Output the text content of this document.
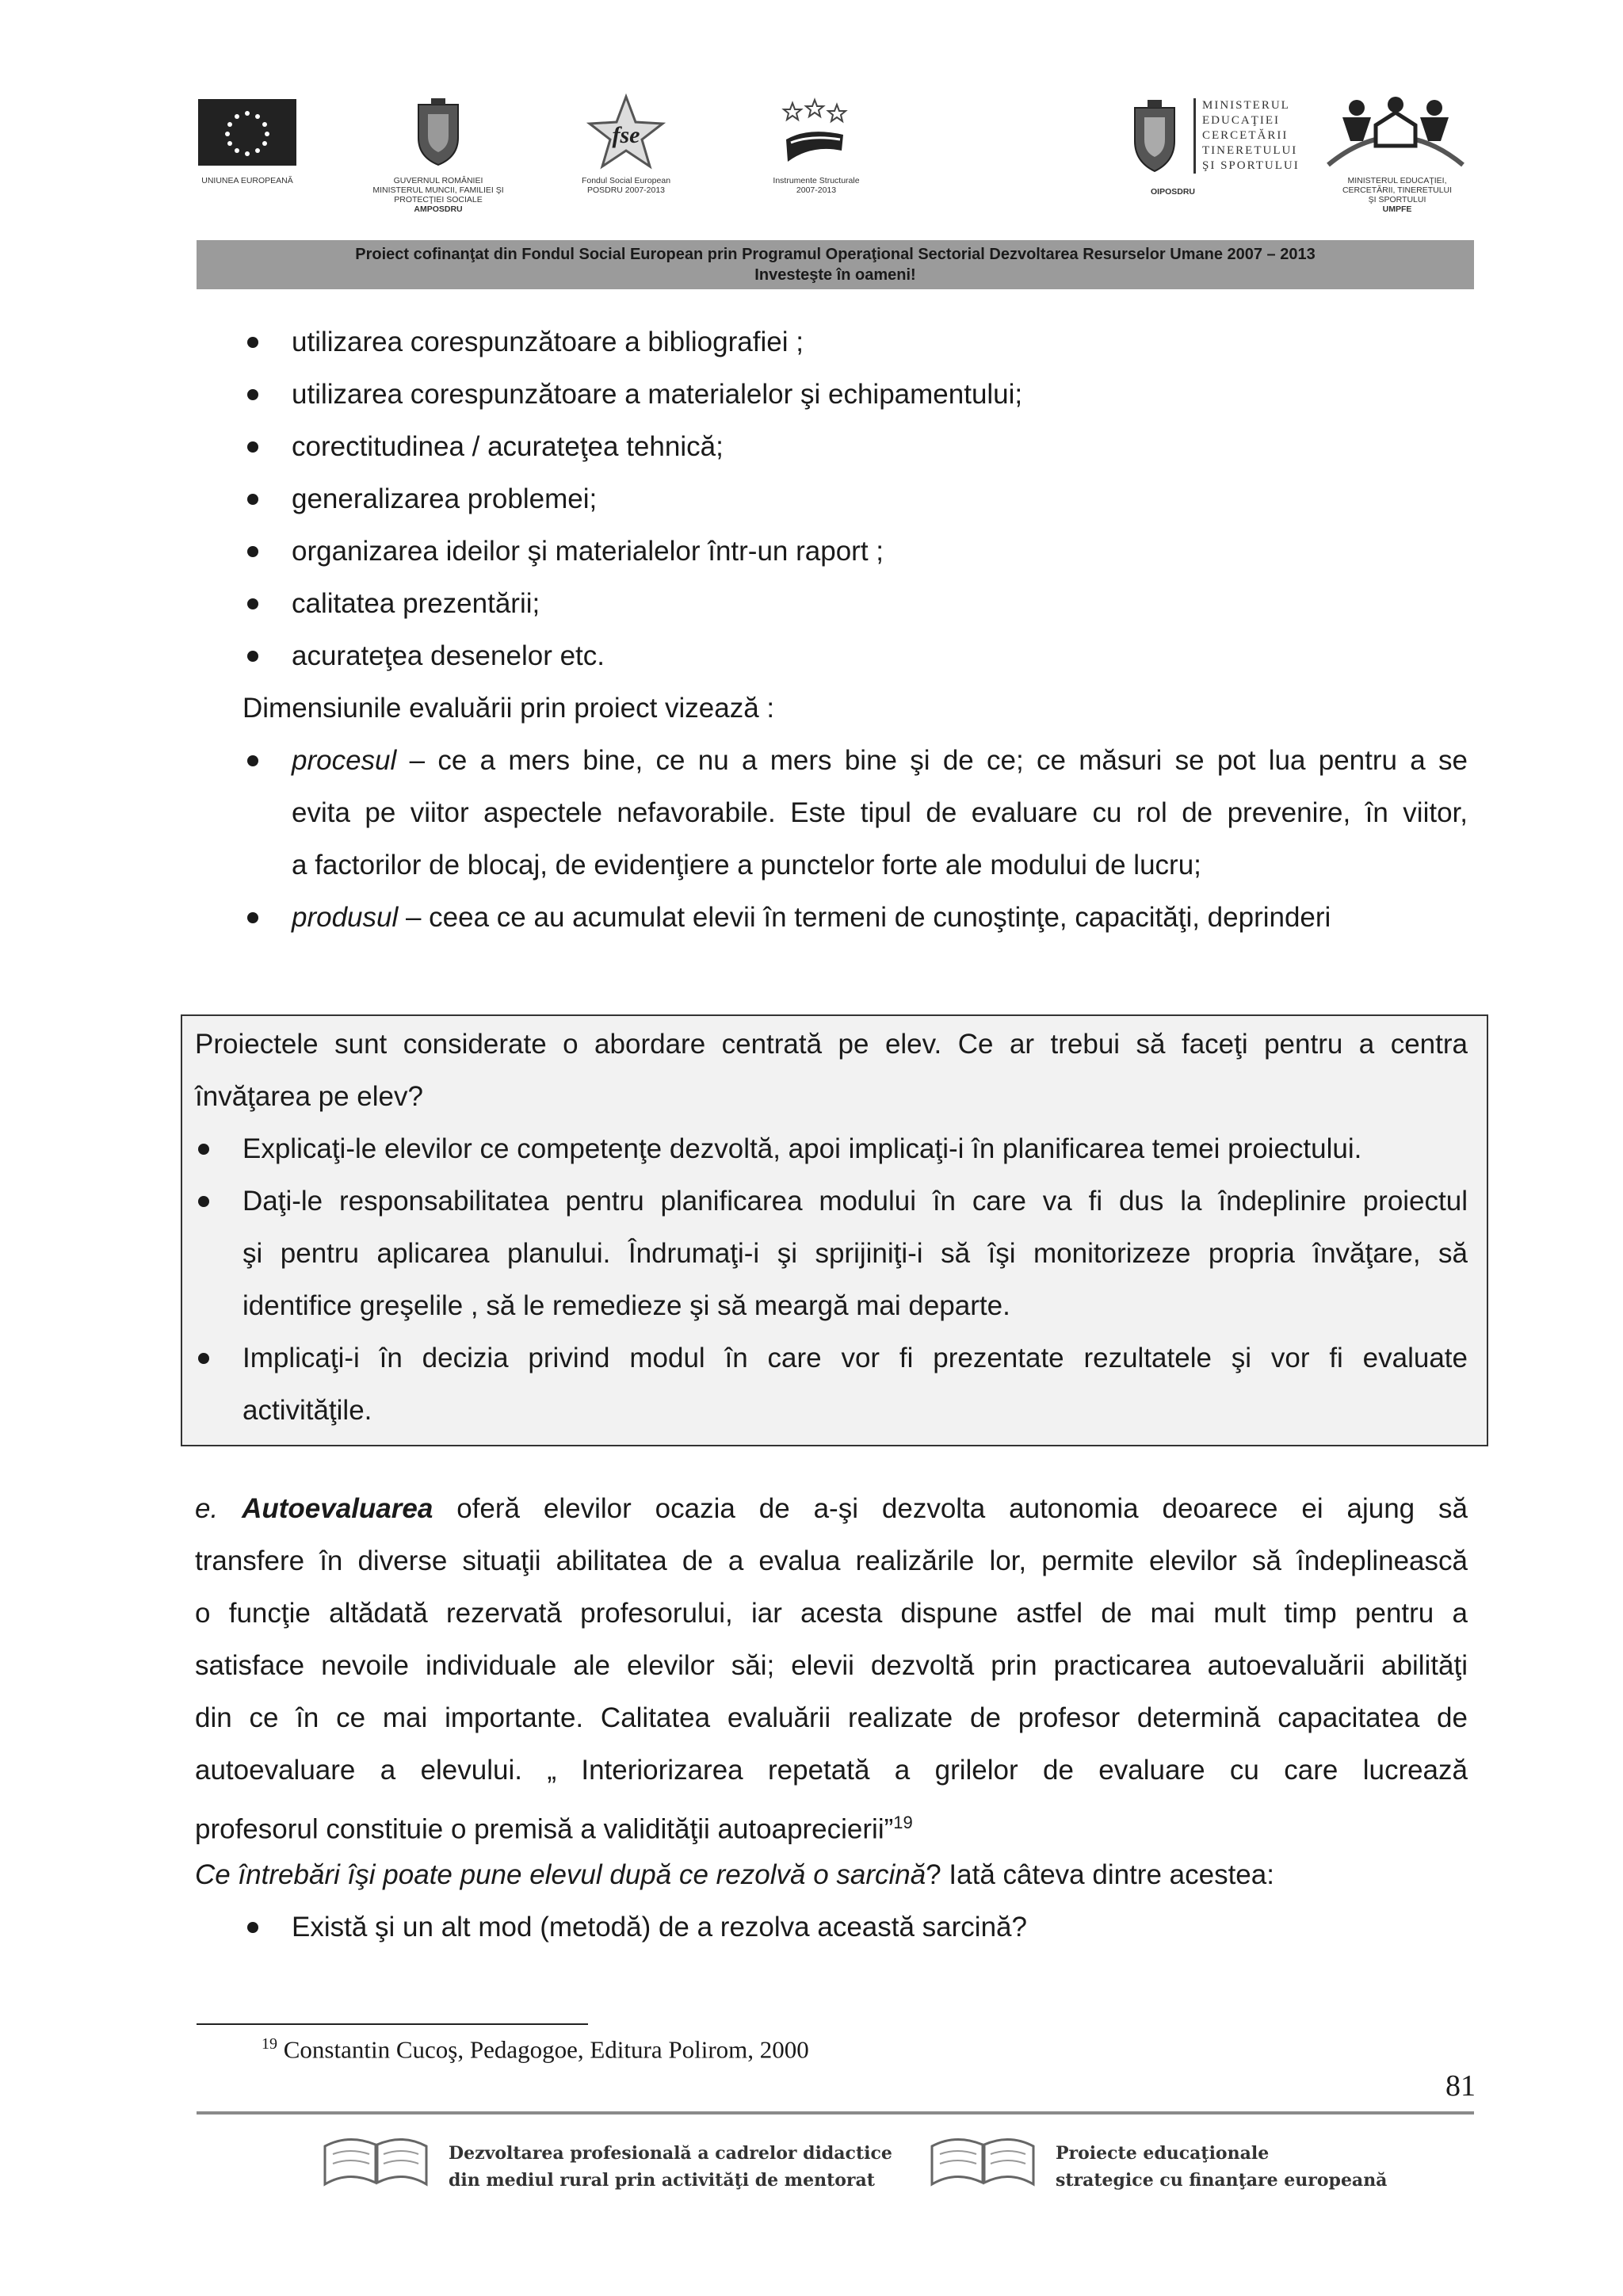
UNIUNEA EUROPEANĂ	GUVERNUL ROMÂNIEI
MINISTERUL MUNCII, FAMILIEI ŞI
PROTECŢIEI SOCIALE
AMPOSDRU
fse
Fondul Social European
POSDRU 2007-2013
Instrumente Structurale
2007-2013
MINISTERUL
EDUCAŢIEI
CERCETĂRII
TINERETULUI
ŞI SPORTULUI
OIPOSDRU
MINISTERUL EDUCAŢIEI,
CERCETĂRII, TINERETULUI
ŞI SPORTULUI
UMPFE
Proiect cofinanţat din Fondul Social European prin Programul Operaţional Sectorial Dezvoltarea Resurselor Umane 2007 – 2013
Investeşte în oameni!
utilizarea corespunzătoare a bibliografiei ;
utilizarea corespunzătoare a materialelor şi echipamentului;
corectitudinea / acurateţea tehnică;
generalizarea problemei;
organizarea ideilor şi materialelor într-un raport ;
calitatea prezentării;
acurateţea desenelor etc.
Dimensiunile evaluării prin proiect vizează :
procesul – ce a mers bine, ce nu a mers bine şi de ce; ce măsuri se pot lua pentru a se
evita pe viitor aspectele nefavorabile. Este tipul de evaluare cu rol de prevenire, în viitor,
a factorilor de blocaj, de evidenţiere a punctelor forte ale modului de lucru;
produsul – ceea ce au acumulat elevii în termeni de cunoştinţe, capacităţi, deprinderi
Proiectele sunt considerate o abordare centrată pe elev. Ce ar trebui să faceţi pentru a centra
învăţarea pe elev?
Explicaţi-le elevilor ce competenţe dezvoltă, apoi implicaţi-i în planificarea temei proiectului.
Daţi-le responsabilitatea pentru planificarea modului în care va fi dus la îndeplinire proiectul
şi pentru aplicarea planului. Îndrumaţi-i şi sprijiniţi-i să îşi monitorizeze propria învăţare, să
identifice greşelile , să le remedieze şi să meargă mai departe.
Implicaţi-i în decizia privind modul în care vor fi prezentate rezultatele şi vor fi evaluate
activităţile.
e. Autoevaluarea oferă elevilor ocazia de a-şi dezvolta autonomia deoarece ei ajung să
transfere în diverse situaţii abilitatea de a evalua realizările lor, permite elevilor să îndeplinească
o funcţie altădată rezervată profesorului, iar acesta dispune astfel de mai mult timp pentru a
satisface nevoile individuale ale elevilor săi; elevii dezvoltă prin practicarea autoevaluării abilităţi
din ce în ce mai importante. Calitatea evaluării realizate de profesor determină capacitatea de
autoevaluare a elevului. „ Interiorizarea repetată a grilelor de evaluare cu care lucrează
profesorul constituie o premisă a validităţii autoaprecierii”$^{19}$
Ce întrebări îşi poate pune elevul după ce rezolvă o sarcină? Iată câteva dintre acestea:
Există şi un alt mod (metodă) de a rezolva această sarcină?
$^{19}$ Constantin Cucoş, Pedagogoe, Editura Polirom, 2000
81
Dezvoltarea profesională a cadrelor didactice
din mediul rural prin activităţi de mentorat
Proiecte educaţionale
strategice cu finanţare europeană
